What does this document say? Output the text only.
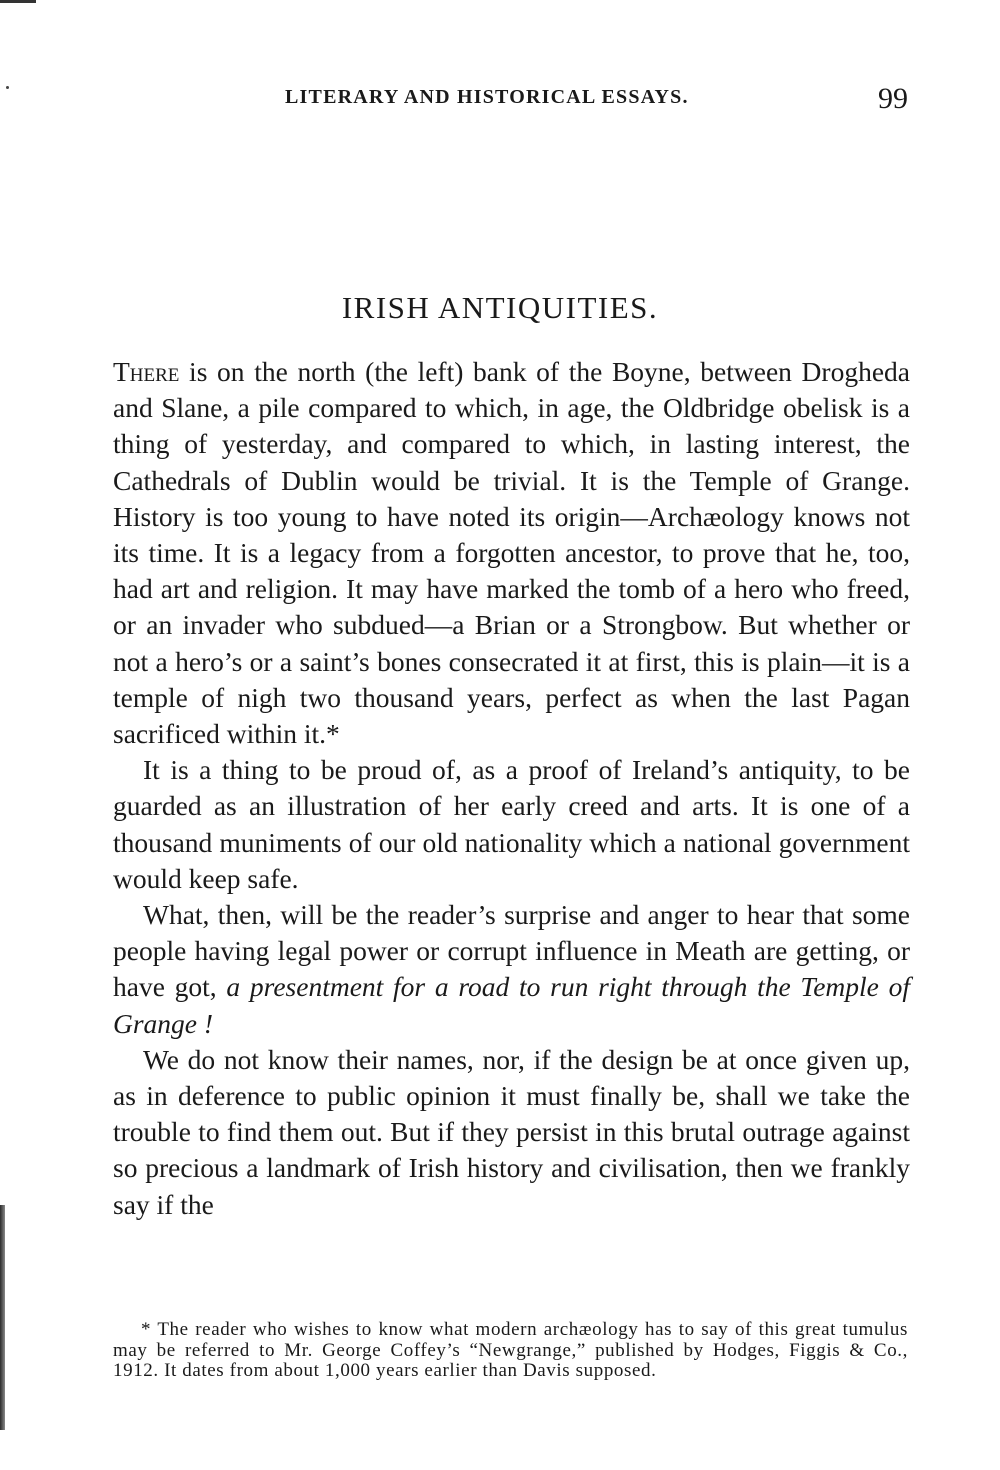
LITERARY AND HISTORICAL ESSAYS.	99
IRISH ANTIQUITIES.

There is on the north (the left) bank of the Boyne, between Drogheda and Slane, a pile compared to which, in age, the Oldbridge obelisk is a thing of yesterday, and compared to which, in lasting interest, the Cathedrals of Dublin would be trivial. It is the Temple of Grange. History is too young to have noted its origin—Archæology knows not its time. It is a legacy from a forgotten ancestor, to prove that he, too, had art and religion. It may have marked the tomb of a hero who freed, or an invader who subdued—a Brian or a Strongbow. But whether or not a hero’s or a saint’s bones consecrated it at first, this is plain—it is a temple of nigh two thousand years, perfect as when the last Pagan sacrificed within it.*

It is a thing to be proud of, as a proof of Ireland’s antiquity, to be guarded as an illustration of her early creed and arts. It is one of a thousand muniments of our old nationality which a national government would keep safe.

What, then, will be the reader’s surprise and anger to hear that some people having legal power or corrupt influence in Meath are getting, or have got, a presentment for a road to run right through the Temple of Grange !

We do not know their names, nor, if the design be at once given up, as in deference to public opinion it must finally be, shall we take the trouble to find them out. But if they persist in this brutal outrage against so precious a landmark of Irish history and civilisation, then we frankly say if the

* The reader who wishes to know what modern archæology has to say of this great tumulus may be referred to Mr. George Coffey’s “Newgrange,” published by Hodges, Figgis & Co., 1912. It dates from about 1,000 years earlier than Davis supposed.
